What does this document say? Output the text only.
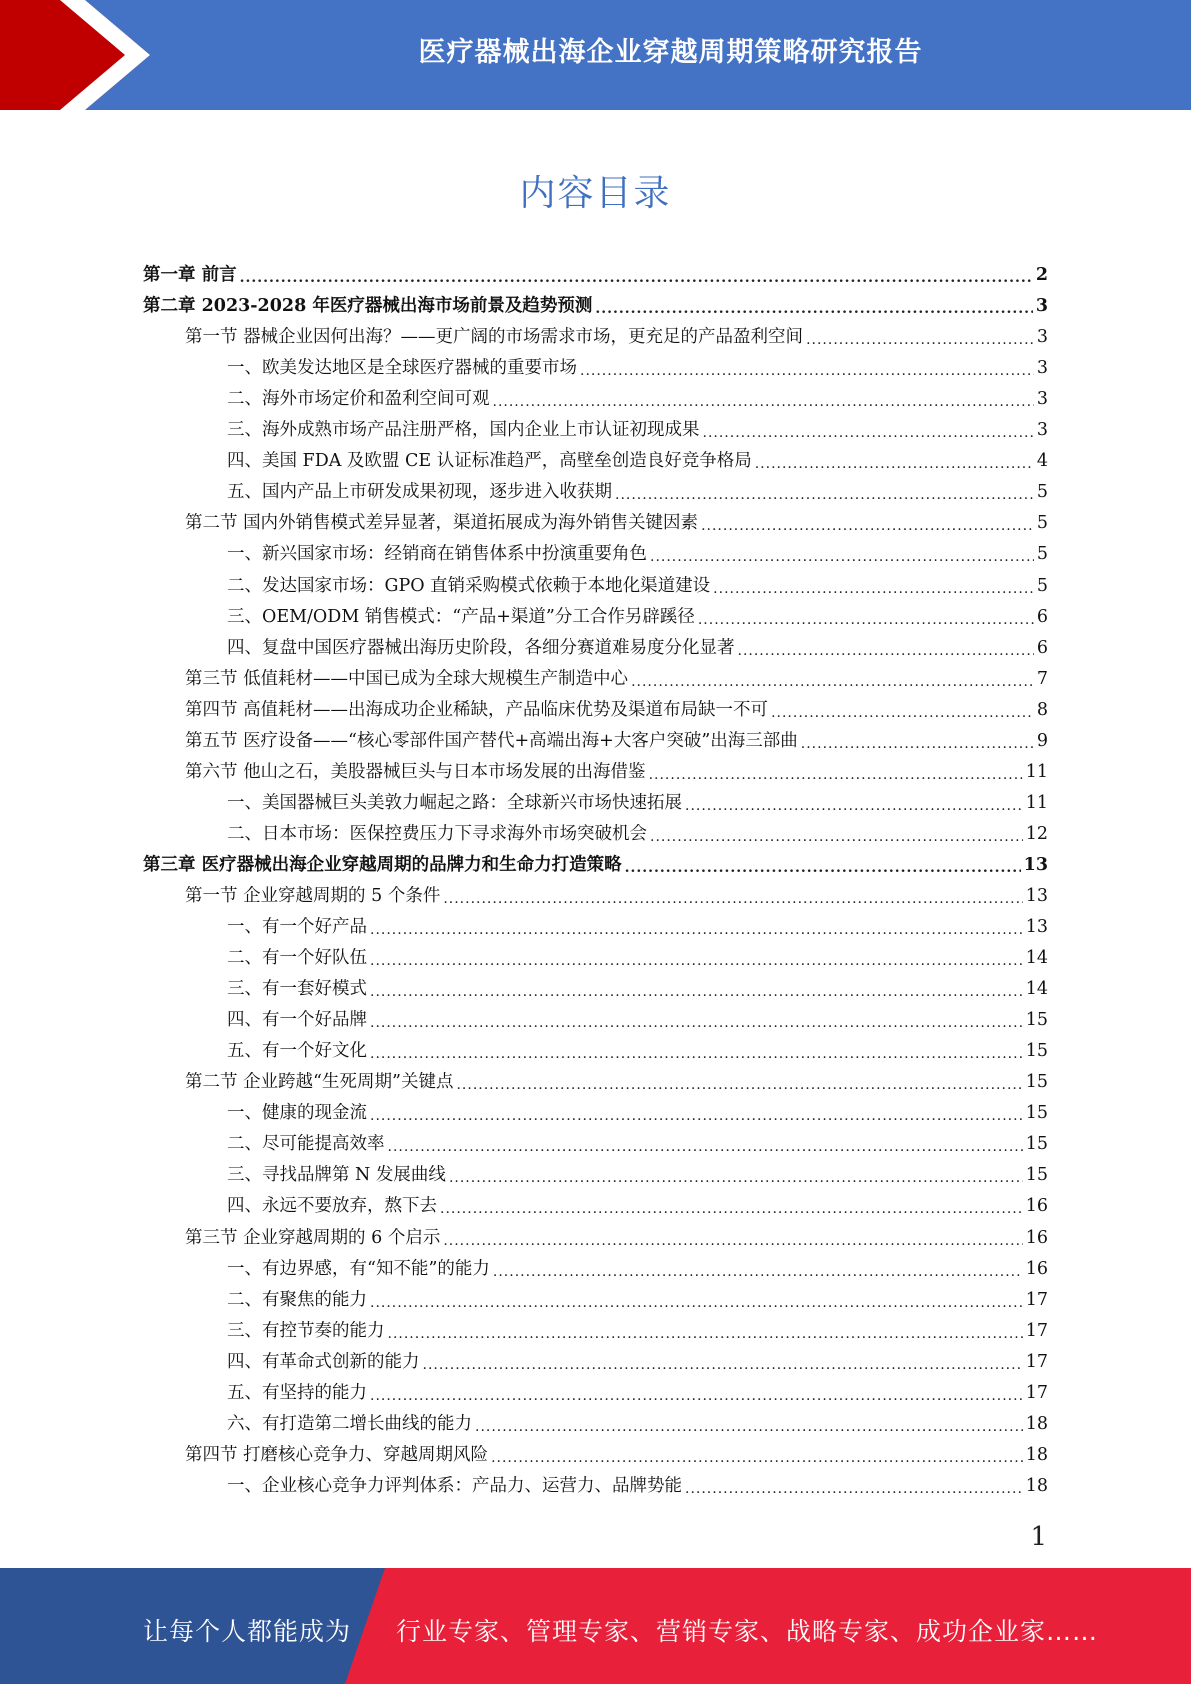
医疗器械出海企业穿越周期策略研究报告
内容目录
第一章 前言 .....	2
第二章 2023-2028 年医疗器械出海市场前景及趋势预测 .....	3
第一节 器械企业因何出海？——更广阔的市场需求市场，更充足的产品盈利空间 .....	3
一、欧美发达地区是全球医疗器械的重要市场 .....	3
二、海外市场定价和盈利空间可观 .....	3
三、海外成熟市场产品注册严格，国内企业上市认证初现成果 .....	3
四、美国 FDA 及欧盟 CE 认证标准趋严，高壁垒创造良好竞争格局 .....	4
五、国内产品上市研发成果初现，逐步进入收获期 .....	5
第二节 国内外销售模式差异显著，渠道拓展成为海外销售关键因素 .....	5
一、新兴国家市场：经销商在销售体系中扮演重要角色 .....	5
二、发达国家市场：GPO 直销采购模式依赖于本地化渠道建设 .....	5
三、OEM/ODM 销售模式：“产品+渠道”分工合作另辟蹊径 .....	6
四、复盘中国医疗器械出海历史阶段，各细分赛道难易度分化显著 .....	6
第三节 低值耗材——中国已成为全球大规模生产制造中心 .....	7
第四节 高值耗材——出海成功企业稀缺，产品临床优势及渠道布局缺一不可 .....	8
第五节 医疗设备——“核心零部件国产替代+高端出海+大客户突破”出海三部曲 .....	9
第六节 他山之石，美股器械巨头与日本市场发展的出海借鉴 .....	11
一、美国器械巨头美敦力崛起之路：全球新兴市场快速拓展 .....	11
二、日本市场：医保控费压力下寻求海外市场突破机会 .....	12
第三章 医疗器械出海企业穿越周期的品牌力和生命力打造策略 .....	13
第一节 企业穿越周期的 5 个条件 .....	13
一、有一个好产品 .....	13
二、有一个好队伍 .....	14
三、有一套好模式 .....	14
四、有一个好品牌 .....	15
五、有一个好文化 .....	15
第二节 企业跨越“生死周期”关键点 .....	15
一、健康的现金流 .....	15
二、尽可能提高效率 .....	15
三、寻找品牌第 N 发展曲线 .....	15
四、永远不要放弃，熬下去 .....	16
第三节 企业穿越周期的 6 个启示 .....	16
一、有边界感，有“知不能”的能力 .....	16
二、有聚焦的能力 .....	17
三、有控节奏的能力 .....	17
四、有革命式创新的能力 .....	17
五、有坚持的能力 .....	17
六、有打造第二增长曲线的能力 .....	18
第四节 打磨核心竞争力、穿越周期风险 .....	18
一、企业核心竞争力评判体系：产品力、运营力、品牌势能 .....	18
1
让每个人都能成为 行业专家、管理专家、营销专家、战略专家、成功企业家……
